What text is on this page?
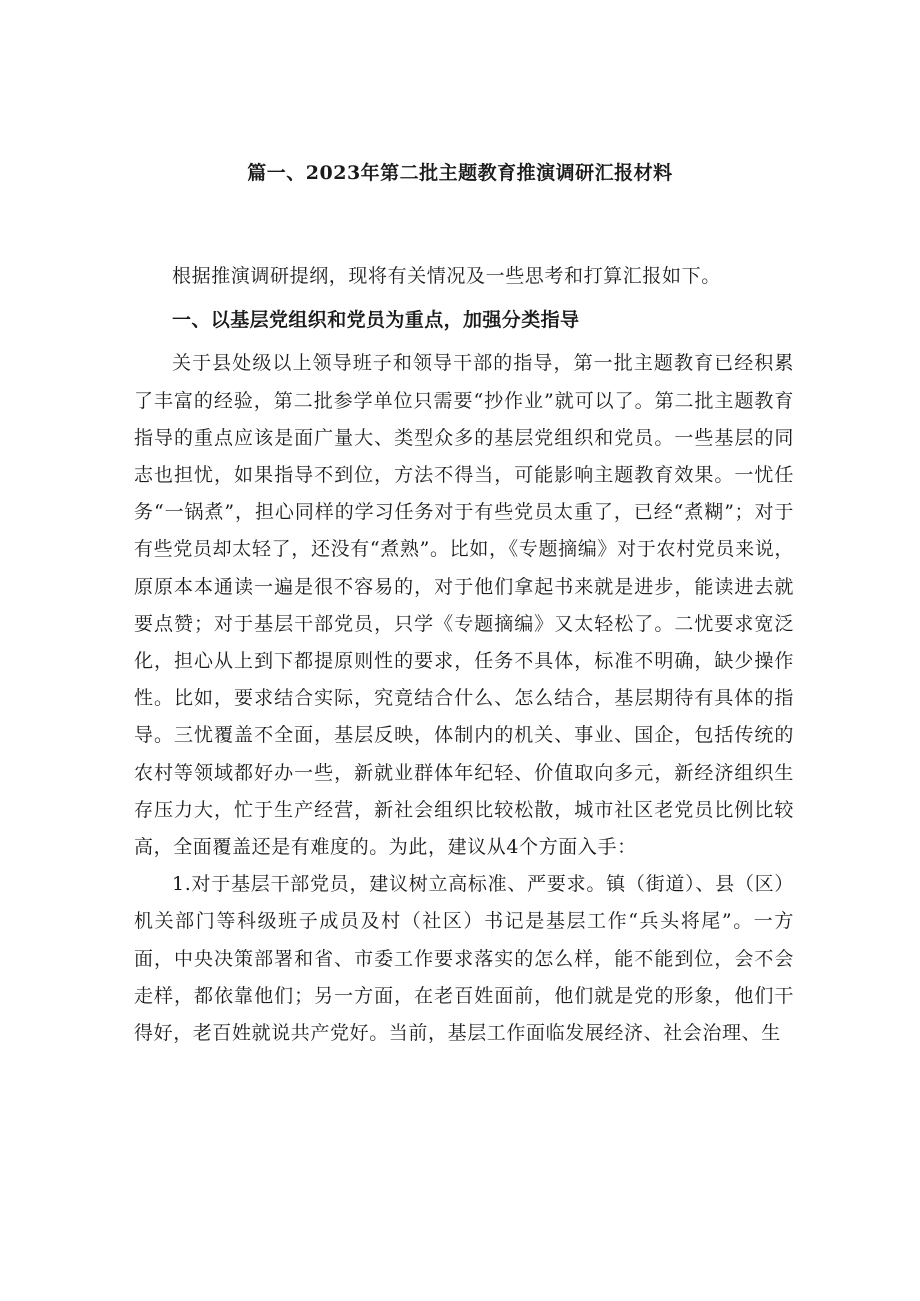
篇一、2023年第二批主题教育推演调研汇报材料

根据推演调研提纲，现将有关情况及一些思考和打算汇报如下。

一、以基层党组织和党员为重点，加强分类指导

关于县处级以上领导班子和领导干部的指导，第一批主题教育已经积累了丰富的经验，第二批参学单位只需要“抄作业”就可以了。第二批主题教育指导的重点应该是面广量大、类型众多的基层党组织和党员。一些基层的同志也担忧，如果指导不到位，方法不得当，可能影响主题教育效果。一忧任务“一锅煮”，担心同样的学习任务对于有些党员太重了，已经“煮糊”；对于有些党员却太轻了，还没有“煮熟”。比如，《专题摘编》对于农村党员来说，原原本本通读一遍是很不容易的，对于他们拿起书来就是进步，能读进去就要点赞；对于基层干部党员，只学《专题摘编》又太轻松了。二忧要求宽泛化，担心从上到下都提原则性的要求，任务不具体，标准不明确，缺少操作性。比如，要求结合实际，究竟结合什么、怎么结合，基层期待有具体的指导。三忧覆盖不全面，基层反映，体制内的机关、事业、国企，包括传统的农村等领域都好办一些，新就业群体年纪轻、价值取向多元，新经济组织生存压力大，忙于生产经营，新社会组织比较松散，城市社区老党员比例比较高，全面覆盖还是有难度的。为此，建议从4个方面入手：

1.对于基层干部党员，建议树立高标准、严要求。镇（街道）、县（区）机关部门等科级班子成员及村（社区）书记是基层工作“兵头将尾”。一方面，中央决策部署和省、市委工作要求落实的怎么样，能不能到位，会不会走样，都依靠他们；另一方面，在老百姓面前，他们就是党的形象，他们干得好，老百姓就说共产党好。当前，基层工作面临发展经济、社会治理、生
